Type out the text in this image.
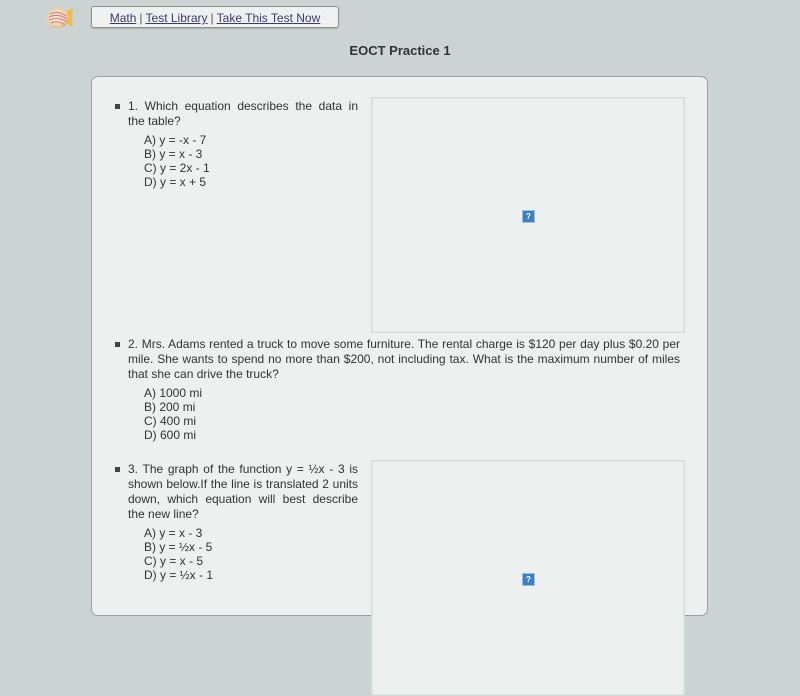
Math | Test Library | Take This Test Now
EOCT Practice 1
1. Which equation describes the data in the table?
A) y = -x - 7
B) y = x - 3
C) y = 2x - 1
D) y = x + 5
?
2. Mrs. Adams rented a truck to move some furniture. The rental charge is $120 per day plus $0.20 per mile. She wants to spend no more than $200, not including tax. What is the maximum number of miles that she can drive the truck?
A) 1000 mi
B) 200 mi
C) 400 mi
D) 600 mi
3. The graph of the function y = ½x - 3 is shown below.If the line is translated 2 units down, which equation will best describe the new line?
A) y = x - 3
B) y = ½x - 5
C) y = x - 5
D) y = ½x - 1	?
